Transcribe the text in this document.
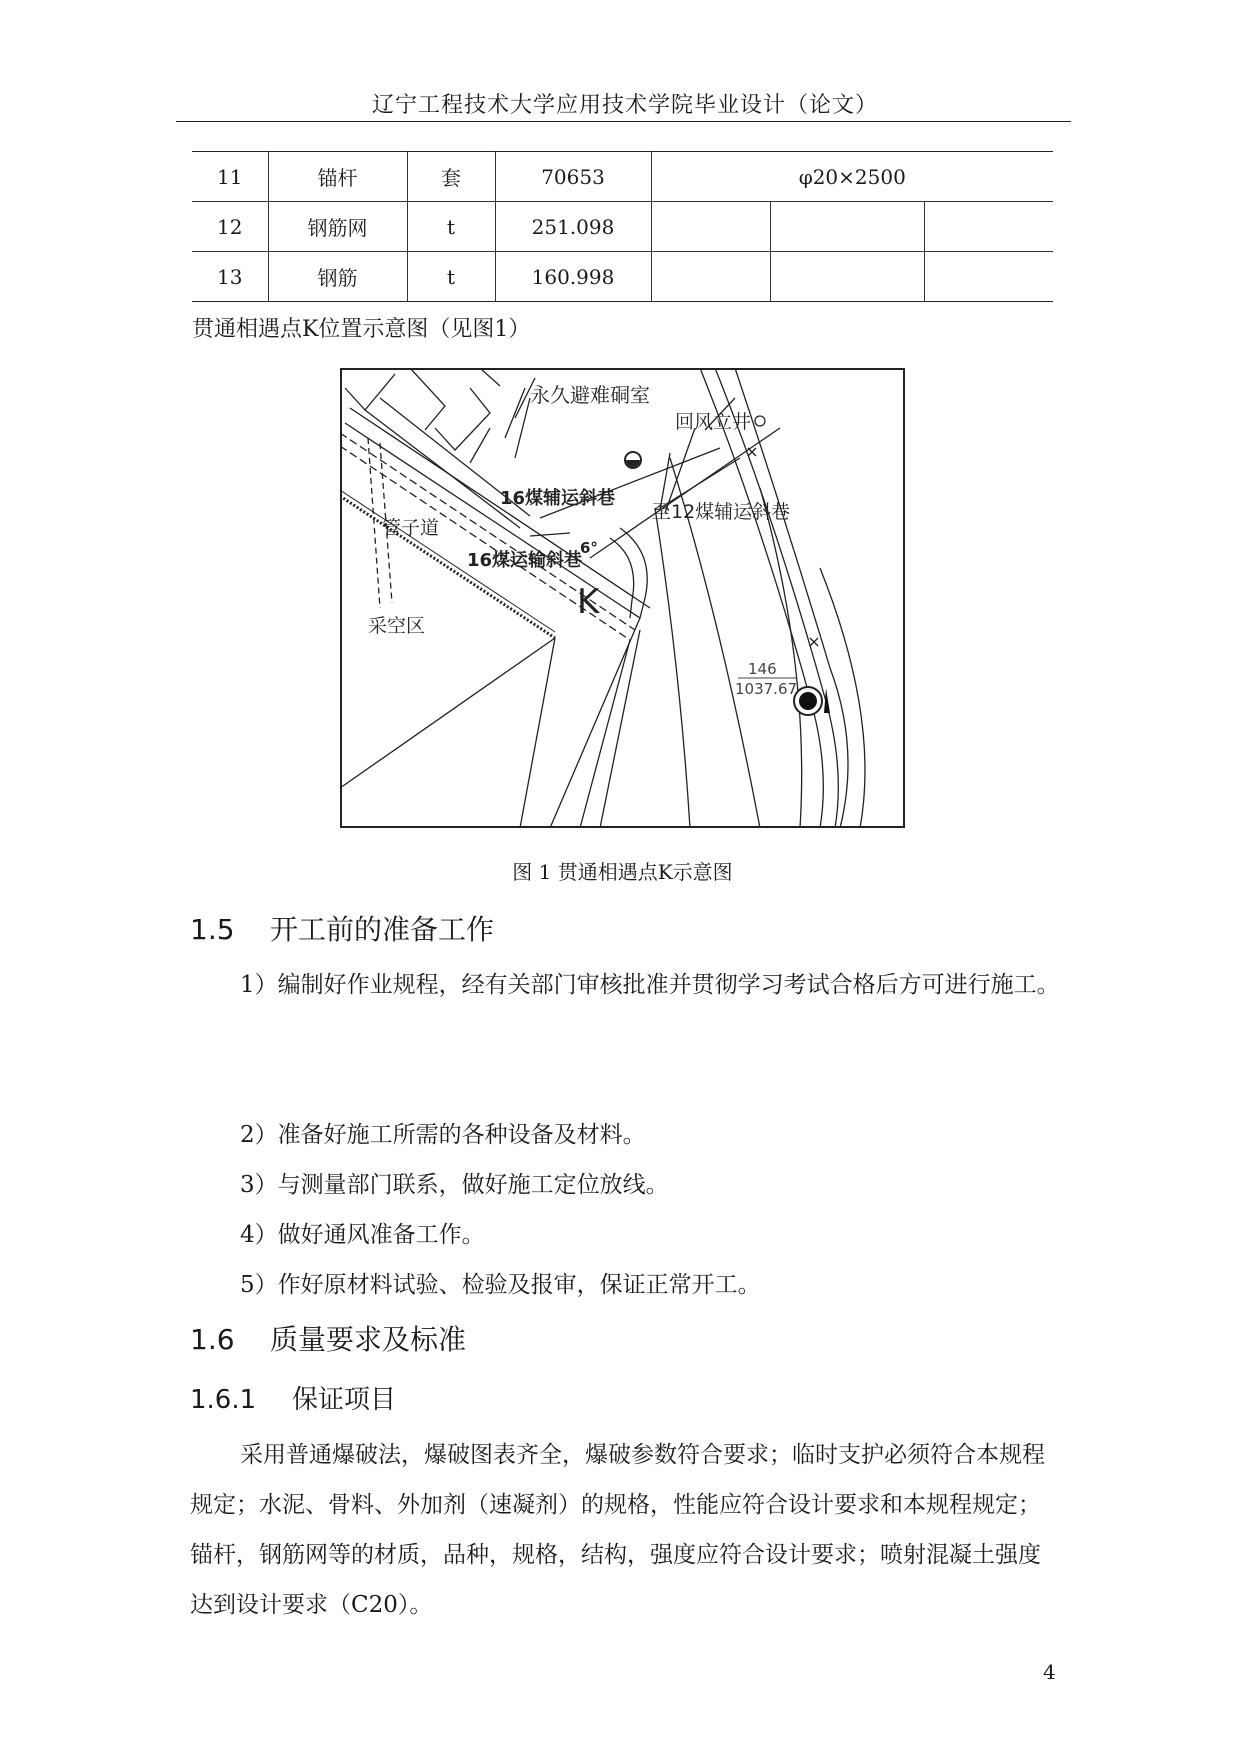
辽宁工程技术大学应用技术学院毕业设计（论文）
11	锚杆	套	70653	φ20×2500		
12	钢筋网	t	251.098			
13	钢筋	t	160.998			
贯通相遇点K位置示意图（见图1）
永久避难硐室
回风立井
16煤辅运斜巷
至12煤辅运斜巷
管子道
6°
16煤运输斜巷
K
采空区
146
1037.67
图 1 贯通相遇点K示意图
1.5 开工前的准备工作
1）编制好作业规程，经有关部门审核批准并贯彻学习考试合格后方可进行施工。
2）准备好施工所需的各种设备及材料。
3）与测量部门联系，做好施工定位放线。
4）做好通风准备工作。
5）作好原材料试验、检验及报审，保证正常开工。
1.6 质量要求及标准
1.6.1 保证项目
采用普通爆破法，爆破图表齐全，爆破参数符合要求；临时支护必须符合本规程规定；水泥、骨料、外加剂（速凝剂）的规格，性能应符合设计要求和本规程规定；锚杆，钢筋网等的材质，品种，规格，结构，强度应符合设计要求；喷射混凝土强度达到设计要求（C20）。
4
